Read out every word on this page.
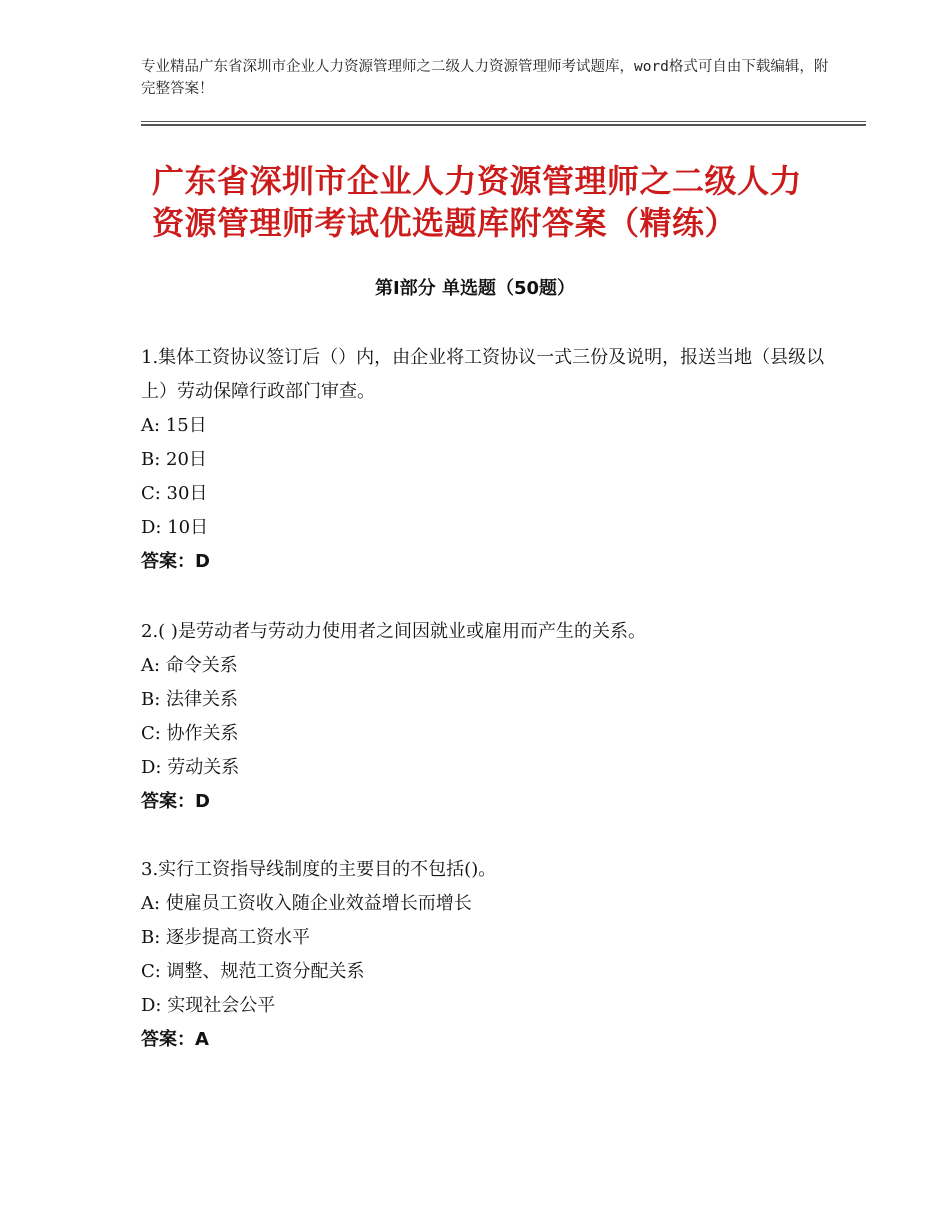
专业精品广东省深圳市企业人力资源管理师之二级人力资源管理师考试题库，word格式可自由下载编辑，附完整答案！
广东省深圳市企业人力资源管理师之二级人力资源管理师考试优选题库附答案（精练）
第Ⅰ部分 单选题（50题）
1.集体工资协议签订后（）内，由企业将工资协议一式三份及说明，报送当地（县级以上）劳动保障行政部门审查。
A: 15日
B: 20日
C: 30日
D: 10日
答案：D
2.( )是劳动者与劳动力使用者之间因就业或雇用而产生的关系。
A: 命令关系
B: 法律关系
C: 协作关系
D: 劳动关系
答案：D
3.实行工资指导线制度的主要目的不包括()。
A: 使雇员工资收入随企业效益增长而增长
B: 逐步提高工资水平
C: 调整、规范工资分配关系
D: 实现社会公平
答案：A
